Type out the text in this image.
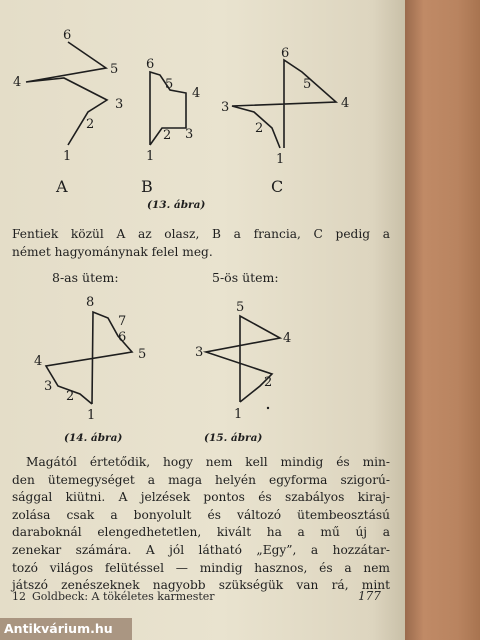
6
5
4
3
2
1
A
6
5
4
3
2
1
B
6
5
4
3
2
1
C
8
7
6
5
4
3
2
1
5
4
3
2
1
(13. ábra)
Fentiek közül A az olasz, B a francia, C pedig a
német hagyománynak felel meg.
8-as ütem:	5-ös ütem:
(14. ábra)	(15. ábra)
Magától értetődik, hogy nem kell mindig és min-
den ütemegységet a maga helyén egyforma szigorú-
sággal kiütni. A jelzések pontos és szabályos kiraj-
zolása csak a bonyolult és változó ütembeosztású
daraboknál elengedhetetlen, kivált ha a mű új a
zenekar számára. A jól látható „Egy”, a hozzátar-
tozó világos felütéssel — mindig hasznos, és a nem
játszó zenészeknek nagyobb szükségük van rá, mint
12 Goldbeck: A tökéletes karmester	177
Antikvárium.hu
